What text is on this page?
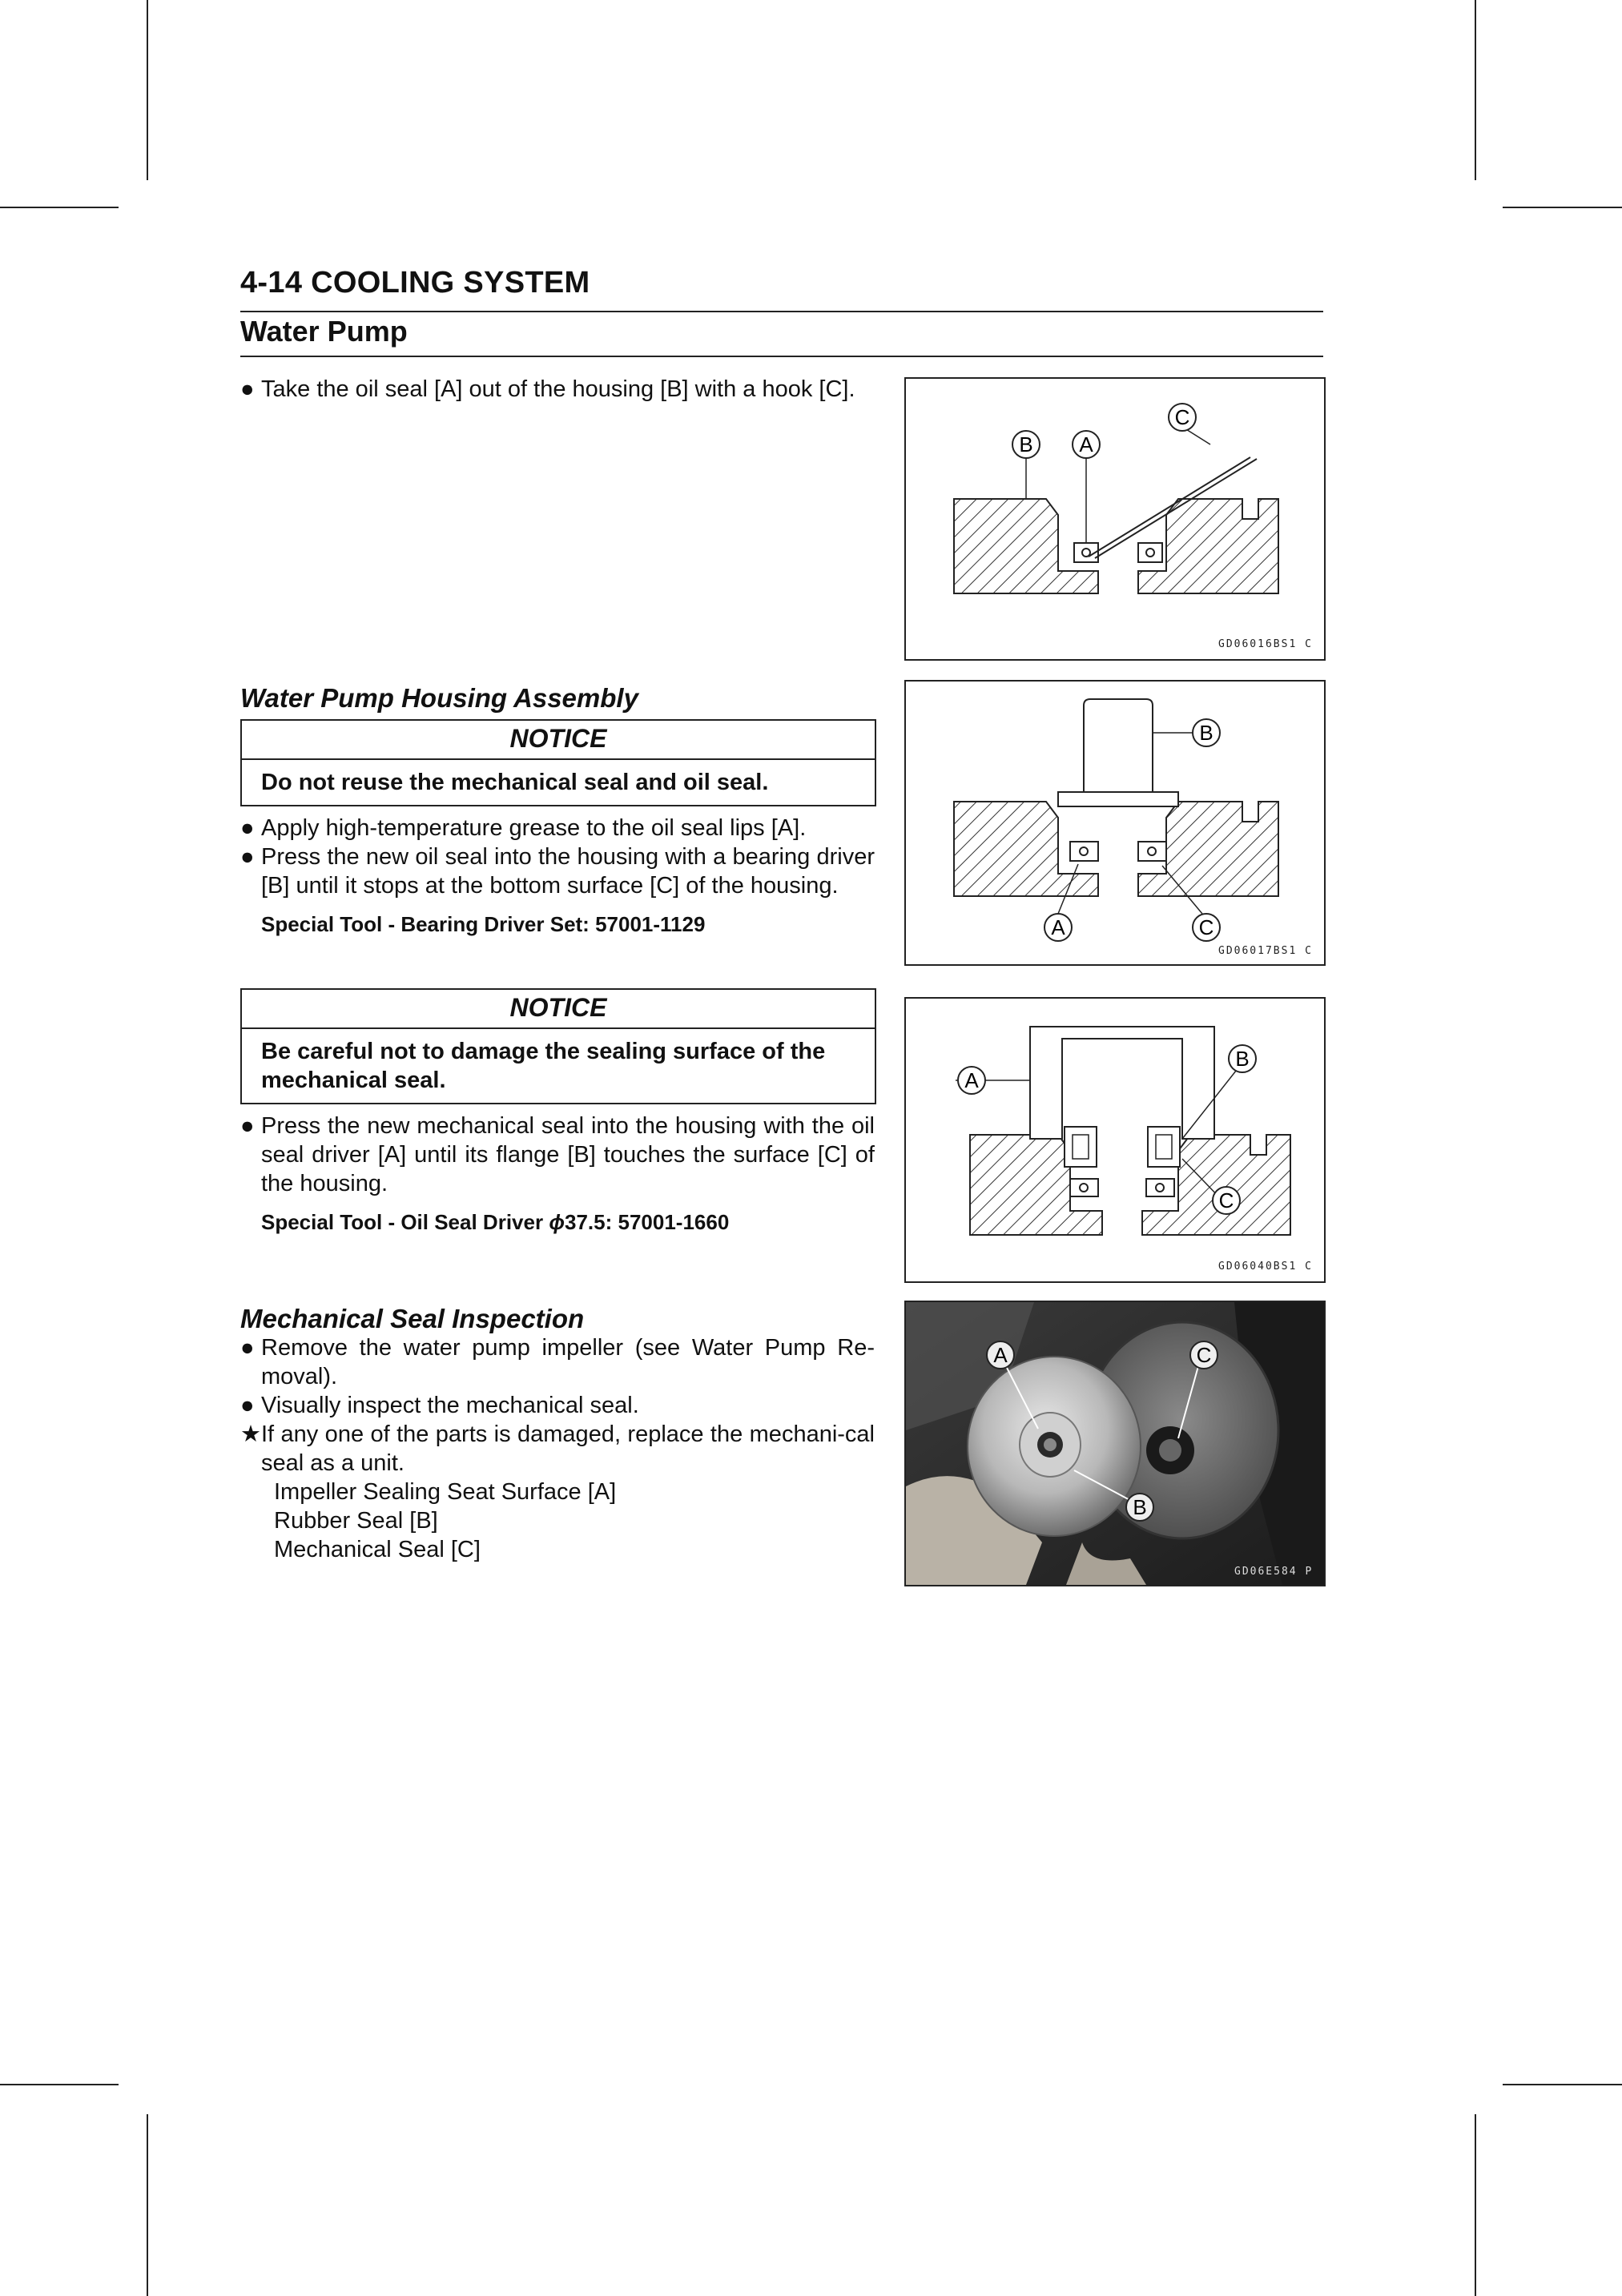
4-14 COOLING SYSTEM
Water Pump
● Take the oil seal [A] out of the housing [B] with a hook [C].
B A
C
GD06016BS1 C
Water Pump Housing Assembly
NOTICE
Do not reuse the mechanical seal and oil seal.
● Apply high-temperature grease to the oil seal lips [A].
● Press the new oil seal into the housing with a bearing driver [B] until it stops at the bottom surface [C] of the housing.
Special Tool - Bearing Driver Set: 57001-1129
B
A	C
GD06017BS1 C
NOTICE
Be careful not to damage the sealing surface of the mechanical seal.
● Press the new mechanical seal into the housing with the oil seal driver [A] until its flange [B] touches the surface [C] of the housing.
Special Tool - Oil Seal Driver ϕ37.5: 57001-1660
A
B
C
GD06040BS1 C
Mechanical Seal Inspection
● Remove the water pump impeller (see Water Pump Re-moval).
● Visually inspect the mechanical seal.
★ If any one of the parts is damaged, replace the mechani-cal seal as a unit.
Impeller Sealing Seat Surface [A]
Rubber Seal [B]
Mechanical Seal [C]
A	C
B
GD06E584 P
